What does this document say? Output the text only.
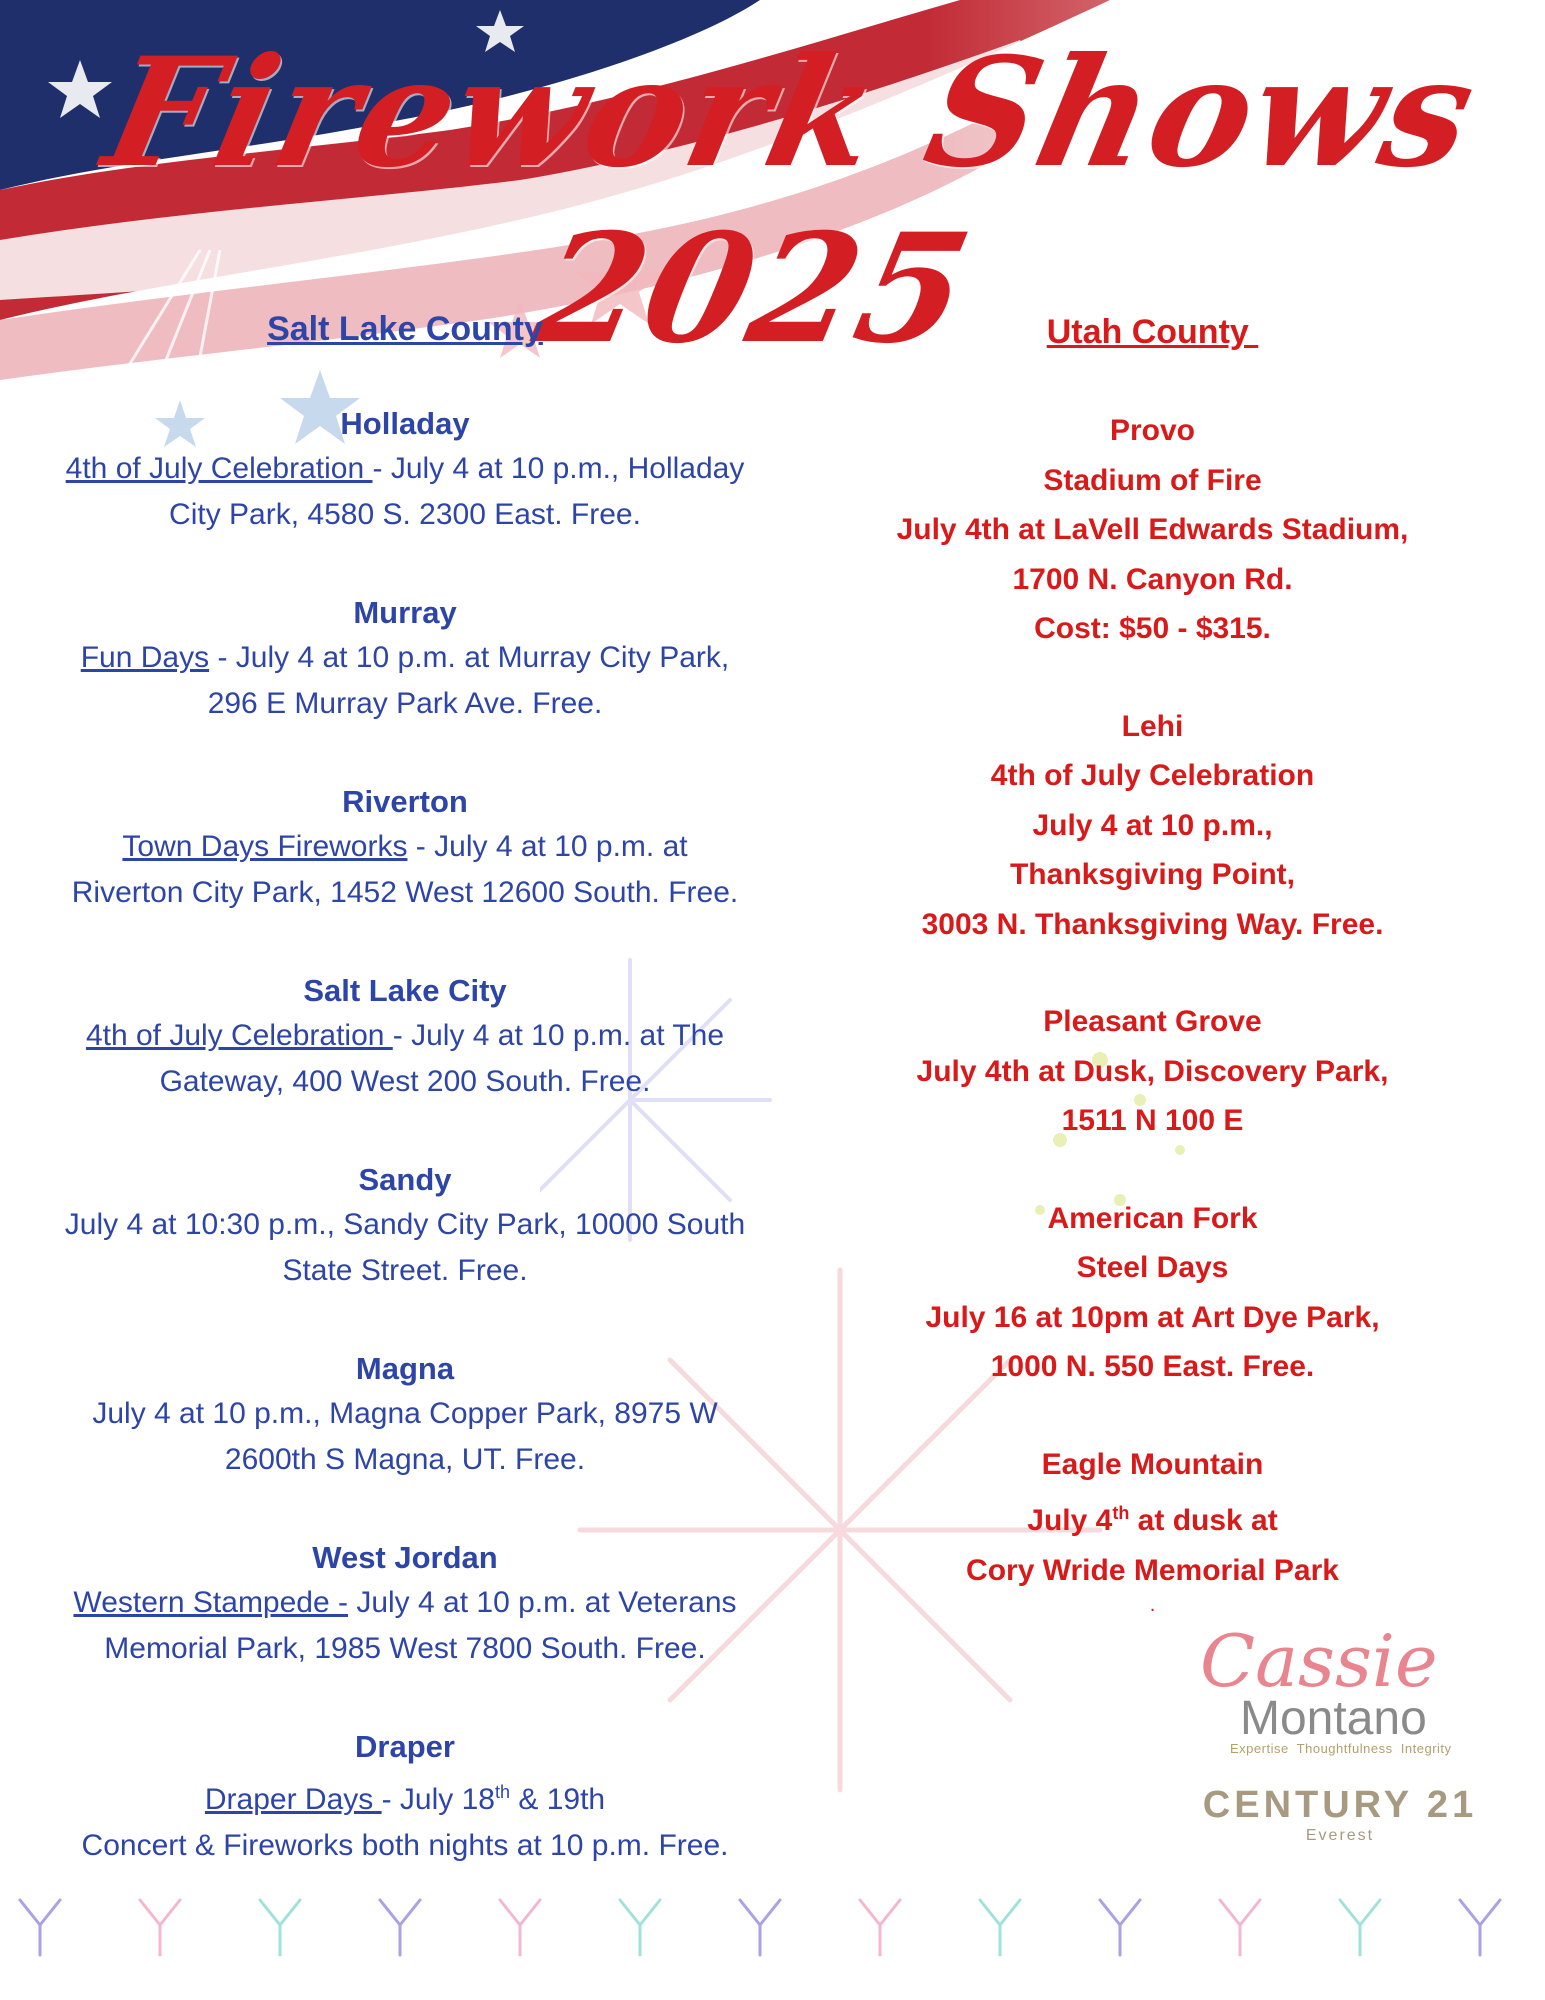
Firework Shows 2025
Salt Lake County
Holladay
4th of July Celebration - July 4 at 10 p.m., Holladay
City Park, 4580 S. 2300 East. Free.
Murray
Fun Days - July 4 at 10 p.m. at Murray City Park,
296 E Murray Park Ave. Free.
Riverton
Town Days Fireworks - July 4 at 10 p.m. at
Riverton City Park, 1452 West 12600 South. Free.
Salt Lake City
4th of July Celebration - July 4 at 10 p.m. at The
Gateway, 400 West 200 South. Free.
Sandy
July 4 at 10:30 p.m., Sandy City Park, 10000 South
State Street. Free.
Magna
July 4 at 10 p.m., Magna Copper Park, 8975 W
2600th S Magna, UT. Free.
West Jordan
Western Stampede - July 4 at 10 p.m. at Veterans
Memorial Park, 1985 West 7800 South. Free.
Draper
Draper Days - July 18th & 19th
Concert & Fireworks both nights at 10 p.m. Free.
Utah County
Provo
Stadium of Fire
July 4th at LaVell Edwards Stadium,
1700 N. Canyon Rd.
Cost: $50 - $315.
Lehi
4th of July Celebration
July 4 at 10 p.m.,
Thanksgiving Point,
3003 N. Thanksgiving Way. Free.
Pleasant Grove
July 4th at Dusk, Discovery Park,
1511 N 100 E
American Fork
Steel Days
July 16 at 10pm at Art Dye Park,
1000 N. 550 East. Free.
Eagle Mountain
July 4th at dusk at
Cory Wride Memorial Park
.
Cassie
Montano
Expertise  Thoughtfulness  Integrity
CENTURY 21
Everest
